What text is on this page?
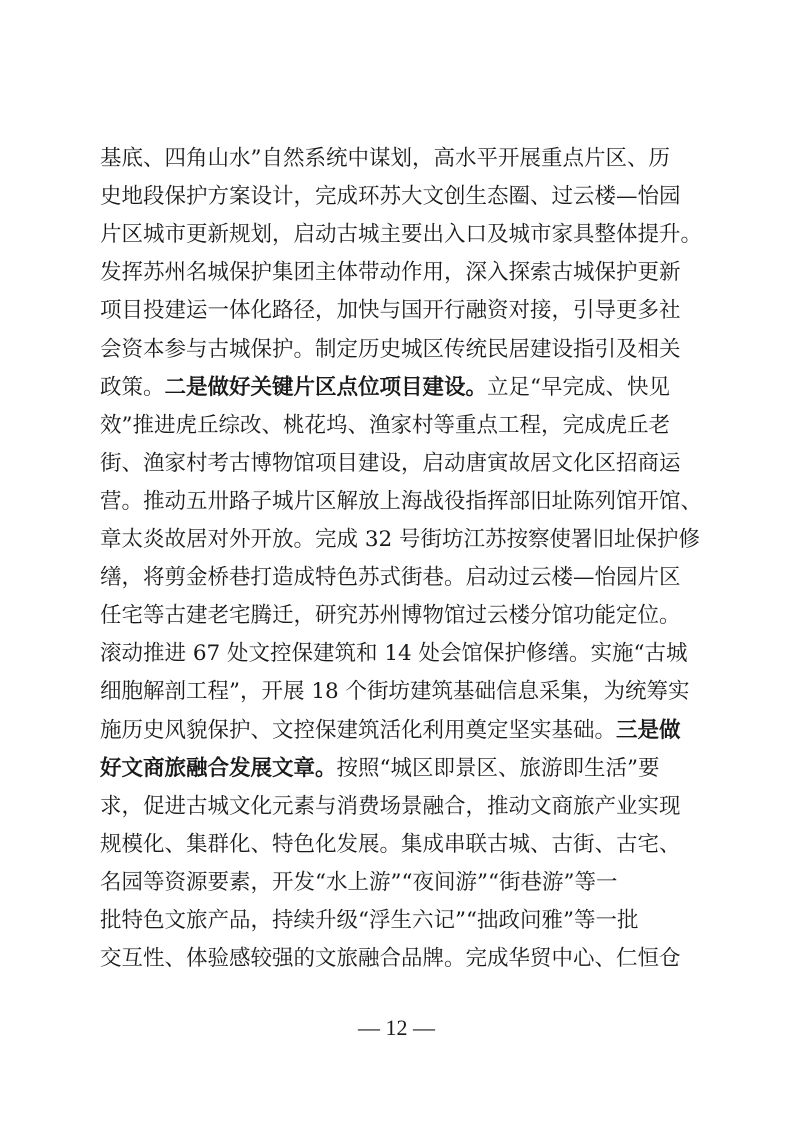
基底、四角山水”自然系统中谋划，高水平开展重点片区、历
史地段保护方案设计，完成环苏大文创生态圈、过云楼—怡园
片区城市更新规划，启动古城主要出入口及城市家具整体提升。
发挥苏州名城保护集团主体带动作用，深入探索古城保护更新
项目投建运一体化路径，加快与国开行融资对接，引导更多社
会资本参与古城保护。制定历史城区传统民居建设指引及相关
政策。二是做好关键片区点位项目建设。立足“早完成、快见
效”推进虎丘综改、桃花坞、渔家村等重点工程，完成虎丘老
街、渔家村考古博物馆项目建设，启动唐寅故居文化区招商运
营。推动五卅路子城片区解放上海战役指挥部旧址陈列馆开馆、
章太炎故居对外开放。完成 32 号街坊江苏按察使署旧址保护修
缮，将剪金桥巷打造成特色苏式街巷。启动过云楼—怡园片区
任宅等古建老宅腾迁，研究苏州博物馆过云楼分馆功能定位。
滚动推进 67 处文控保建筑和 14 处会馆保护修缮。实施“古城
细胞解剖工程”，开展 18 个街坊建筑基础信息采集，为统筹实
施历史风貌保护、文控保建筑活化利用奠定坚实基础。三是做
好文商旅融合发展文章。按照“城区即景区、旅游即生活”要
求，促进古城文化元素与消费场景融合，推动文商旅产业实现
规模化、集群化、特色化发展。集成串联古城、古街、古宅、
名园等资源要素，开发“水上游”“夜间游”“街巷游”等一
批特色文旅产品，持续升级“浮生六记”“拙政问雅”等一批
交互性、体验感较强的文旅融合品牌。完成华贸中心、仁恒仓
— 12 —
